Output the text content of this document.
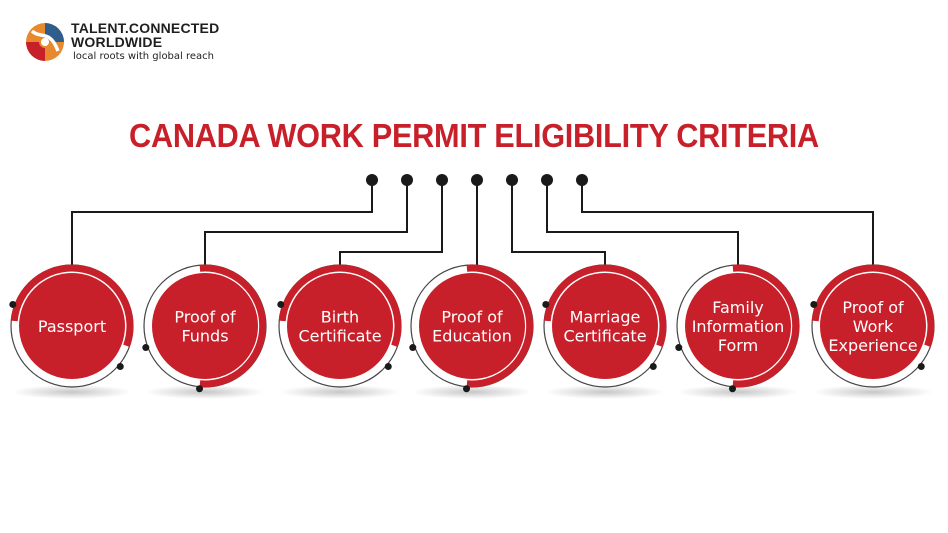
TALENT.CONNECTED
WORLDWIDE
local roots with global reach
CANADA WORK PERMIT ELIGIBILITY CRITERIA
Passport	Proof of
Funds
Birth
Certificate
Proof of
Education
Marriage
Certificate
Family
Information
Form
Proof of
Work
Experience
